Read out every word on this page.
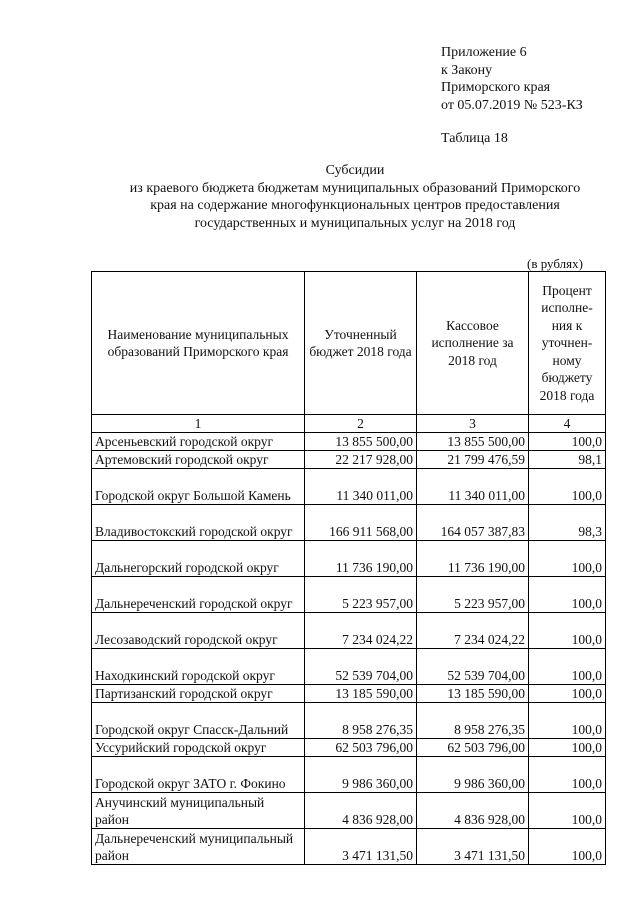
Приложение 6
к Закону
Приморского края
от 05.07.2019 № 523-КЗ
Таблица 18
Субсидии
из краевого бюджета бюджетам муниципальных образований Приморского
края на содержание многофункциональных центров предоставления
государственных и муниципальных услуг на 2018 год
(в рублях)
Наименование муниципальных образований Приморского края	Уточненный бюджет 2018 года	Кассовое исполнение за 2018 год	Процент исполне- ния к уточнен- ному бюджету 2018 года
1	2	3	4
Арсеньевский городской округ	13 855 500,00	13 855 500,00	100,0
Артемовский городской округ	22 217 928,00	21 799 476,59	98,1
Городской округ Большой Камень	11 340 011,00	11 340 011,00	100,0
Владивостокский городской округ	166 911 568,00	164 057 387,83	98,3
Дальнегорский городской округ	11 736 190,00	11 736 190,00	100,0
Дальнереченский городской округ	5 223 957,00	5 223 957,00	100,0
Лесозаводский городской округ	7 234 024,22	7 234 024,22	100,0
Находкинский городской округ	52 539 704,00	52 539 704,00	100,0
Партизанский городской округ	13 185 590,00	13 185 590,00	100,0
Городской округ Спасск-Дальний	8 958 276,35	8 958 276,35	100,0
Уссурийский городской округ	62 503 796,00	62 503 796,00	100,0
Городской округ ЗАТО г. Фокино	9 986 360,00	9 986 360,00	100,0
Анучинский муниципальный район	4 836 928,00	4 836 928,00	100,0
Дальнереченский муниципальный район	3 471 131,50	3 471 131,50	100,0
